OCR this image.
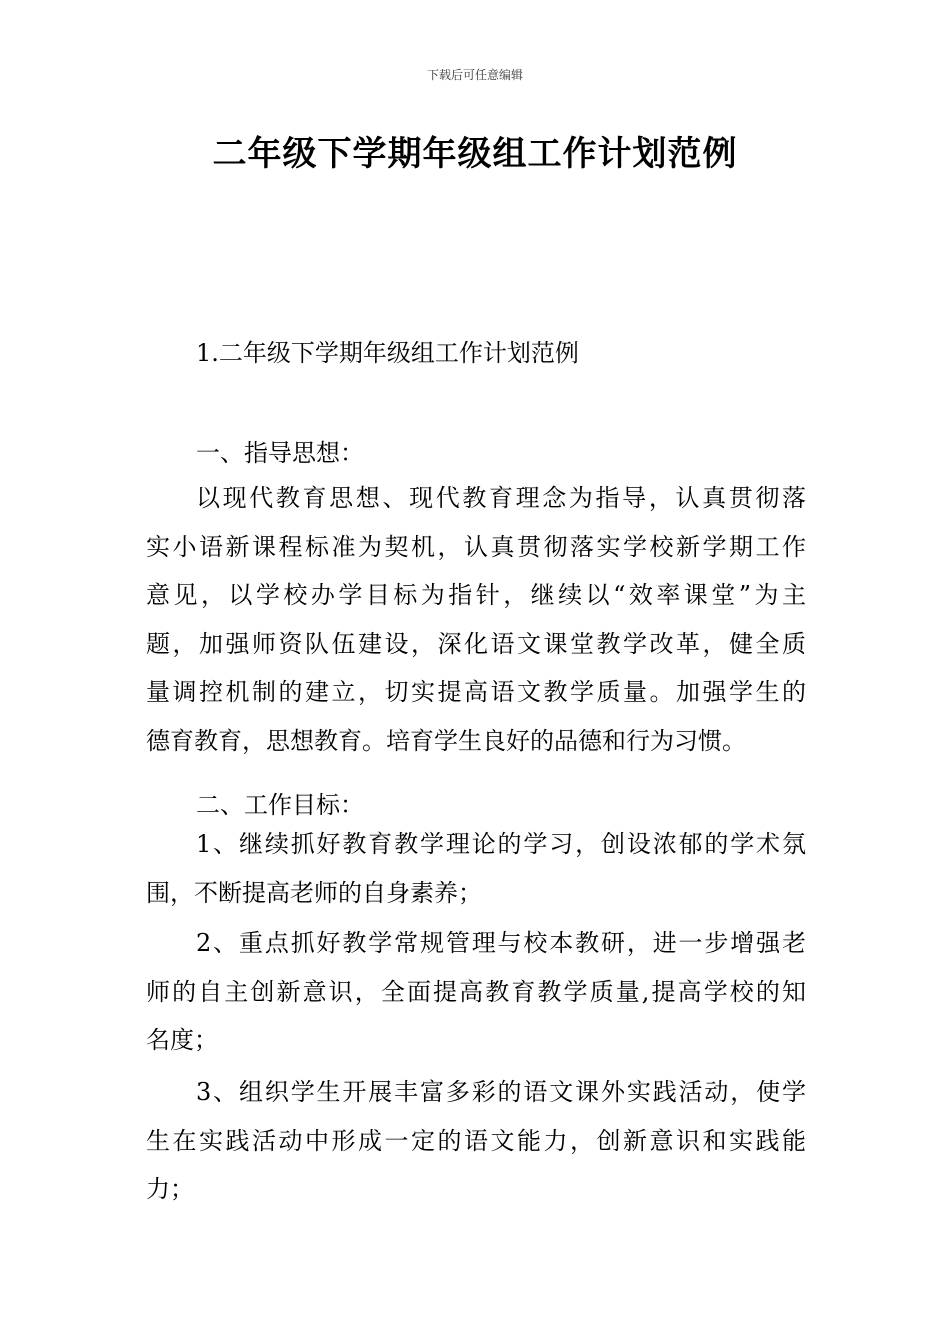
下载后可任意编辑
二年级下学期年级组工作计划范例
1.二年级下学期年级组工作计划范例
一、指导思想：
以现代教育思想、现代教育理念为指导，认真贯彻落
实小语新课程标准为契机，认真贯彻落实学校新学期工作
意见，以学校办学目标为指针，继续以“效率课堂”为主
题，加强师资队伍建设，深化语文课堂教学改革，健全质
量调控机制的建立，切实提高语文教学质量。加强学生的
德育教育，思想教育。培育学生良好的品德和行为习惯。
二、工作目标：
1、继续抓好教育教学理论的学习，创设浓郁的学术氛
围，不断提高老师的自身素养；
2、重点抓好教学常规管理与校本教研，进一步增强老
师的自主创新意识，全面提高教育教学质量,提高学校的知
名度；
3、组织学生开展丰富多彩的语文课外实践活动，使学
生在实践活动中形成一定的语文能力，创新意识和实践能
力；
